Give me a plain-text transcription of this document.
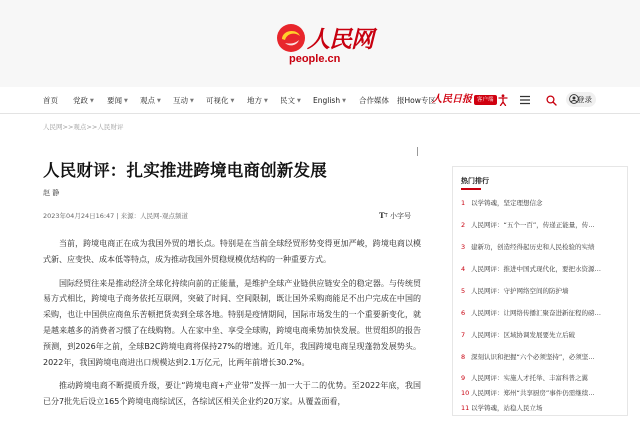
人民网
people.cn
首页 党政 ▼ 要闻 ▼ 观点 ▼ 互动 ▼ 可视化 ▼ 地方 ▼ 民文 ▼ English ▼ 合作媒体 报How专区
人民日报 客户端	登录
人民网>>观点>>人民财评
人民财评：扎实推进跨境电商创新发展
赵 静
2023年04月24日16:47 | 来源：人民网-观点频道	TT 小字号

当前，跨境电商正在成为我国外贸的增长点。特别是在当前全球经贸形势变得更加严峻，跨境电商以模式新、应变快、成本低等特点，成为推动我国外贸稳规模优结构的一种重要方式。

国际经贸往来是推动经济全球化持续向前的正能量，是维护全球产业链供应链安全的稳定器。与传统贸易方式相比，跨境电子商务依托互联网，突破了时间、空间限制，既让国外采购商能足不出户完成在中国的采购，也让中国供应商鱼乐苦顿把货卖到全球各地。特别是疫情期间，国际市场发生的一个重要新变化，就是越来越多的消费者习惯了在线购物。人在家中坐、享受全球购，跨境电商乘势加快发展。世贸组织的报告预测，到2026年之前，全球B2C跨境电商将保持27%的增速。近几年，我国跨境电商呈现蓬勃发展势头。2022年，我国跨境电商进出口规模达到2.1万亿元，比两年前增长30.2%。

推动跨境电商不断提质升级，要让“跨境电商+产业带”发挥一加一大于二的优势。至2022年底，我国已分7批先后设立165个跨境电商综试区，各综试区相关企业约20万家。从覆盖面看，

热门排行
1 以学铸魂，坚定理想信念
2 人民网评：“五个一百”，传递正能量，传…
3 建新功，创造经得起历史和人民检验的实绩
4 人民网评：推进中国式现代化，要把水资源…
5 人民网评：守护网络空间的防护墙
6 人民网评：让网络传播汇聚奋进新征程的磅…
7 人民网评：区域协调发展要先立后破
8 深刻认识和把握“六个必须坚持”，必须坚…
9 人民网评：实施人才托举、丰富科普之翼
10 人民网评：郑州“共享厨房”事件仍需继续…
11 以学铸魂，站稳人民立场
